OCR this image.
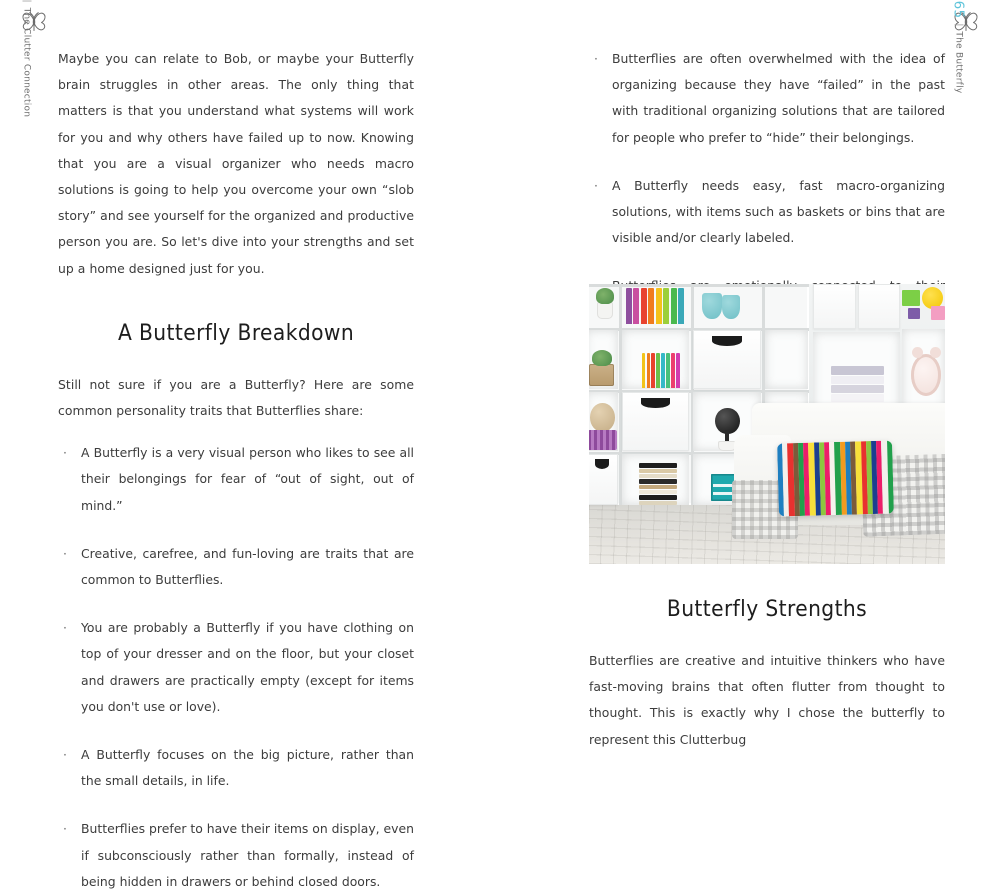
|
The Clutter Connection Maybe you can relate to Bob, or maybe your Butterfly brain struggles in other areas. The only thing that matters is that you understand what systems will work for you and why others have failed up to now. Knowing that you are a visual organizer who needs macro solutions is going to help you overcome your own “slob story” and see yourself for the organized and productive person you are. So let's dive into your strengths and set up a home designed just for you.

A Butterfly Breakdown

Still not sure if you are a Butterfly? Here are some common personality traits that Butterflies share:

· A Butterfly is a very visual person who likes to see all their belongings for fear of “out of sight, out of mind.”
· Creative, carefree, and fun-loving are traits that are common to Butterflies.
· You are probably a Butterfly if you have clothing on top of your dresser and on the floor, but your closet and drawers are practically empty (except for items you don't use or love).
· A Butterfly focuses on the big picture, rather than the small details, in life.
· Butterflies prefer to have their items on display, even if subconsciously rather than formally, instead of being hidden in drawers or behind closed doors.
65
|
The Butterfly
· Butterflies are often overwhelmed with the idea of organizing because they have “failed” in the past with traditional organizing solutions that are tailored for people who prefer to “hide” their belongings.
· A Butterfly needs easy, fast macro-organizing solutions, with items such as baskets or bins that are visible and/or clearly labeled.
Butterfly Strengths

Butterflies are creative and intuitive thinkers who have fast-moving brains that often flutter from thought to thought. This is exactly why I chose the butterfly to represent this Clutterbug
